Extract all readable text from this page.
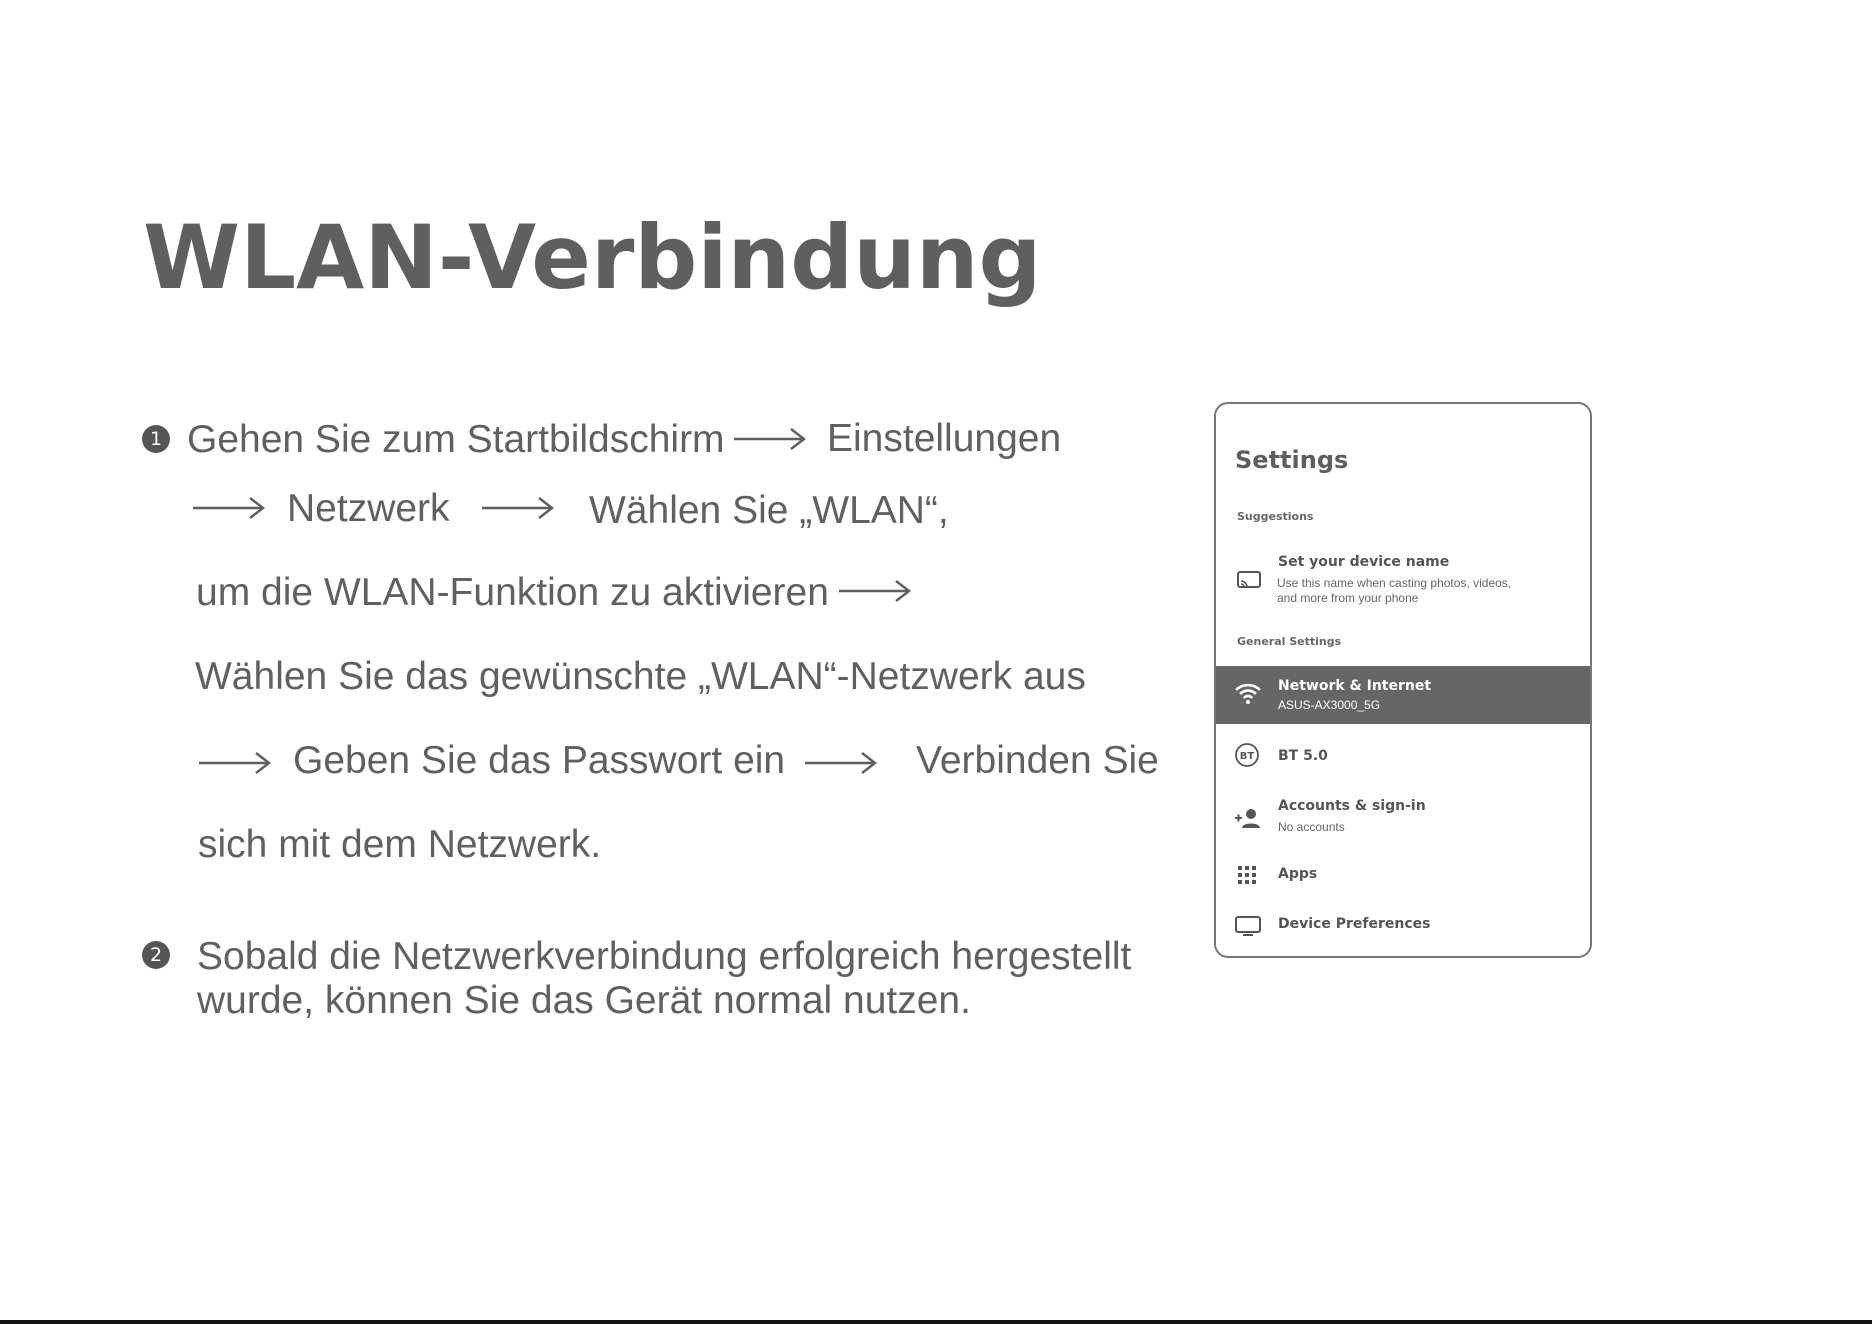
WLAN-Verbindung
1 Gehen Sie zum Startbildschirm	Einstellungen
Netzwerk	Wählen Sie „WLAN“,
um die WLAN-Funktion zu aktivieren
Wählen Sie das gewünschte „WLAN“-Netzwerk aus
Geben Sie das Passwort ein	Verbinden Sie
sich mit dem Netzwerk.
2 Sobald die Netzwerkverbindung erfolgreich hergestellt
wurde, können Sie das Gerät normal nutzen.
Settings
Suggestions
Set your device name
Use this name when casting photos, videos,
and more from your phone
General Settings
Network & Internet
ASUS-AX3000_5G
BT BT 5.0
Accounts & sign-in
No accounts
Apps
Device Preferences
